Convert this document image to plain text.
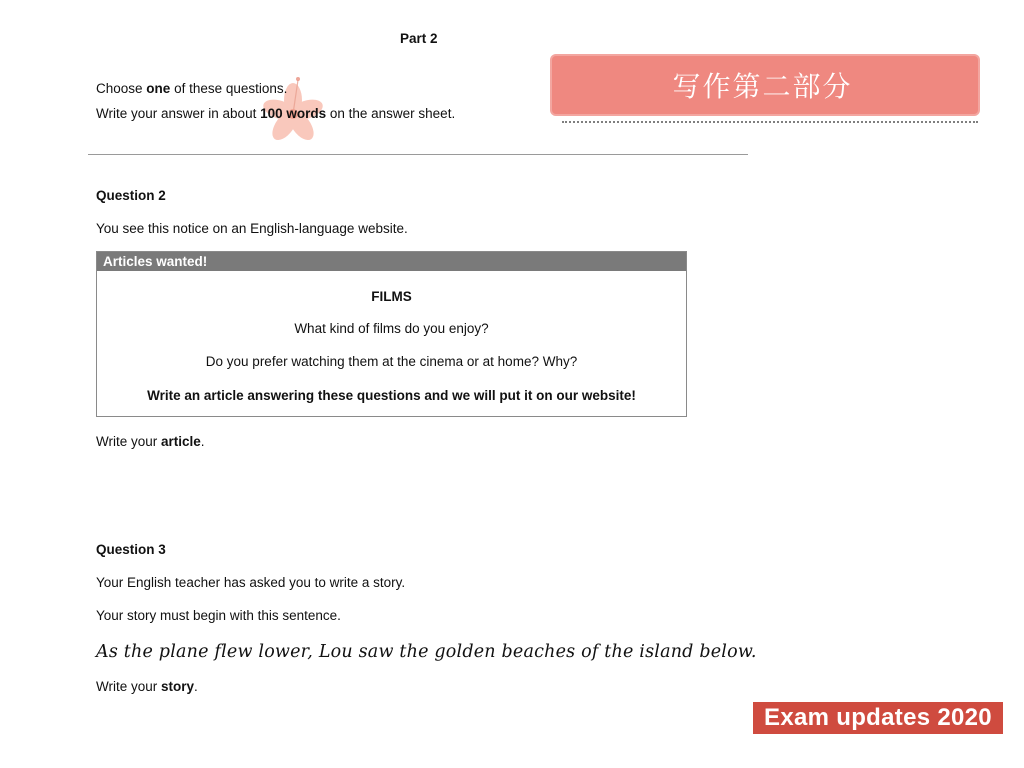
Part 2
Choose one of these questions.
Write your answer in about 100 words on the answer sheet.
写作第二部分
Question 2
You see this notice on an English-language website.
Articles wanted!
FILMS
What kind of films do you enjoy?
Do you prefer watching them at the cinema or at home? Why?
Write an article answering these questions and we will put it on our website!
Write your article.
Question 3
Your English teacher has asked you to write a story.
Your story must begin with this sentence.
As the plane flew lower, Lou saw the golden beaches of the island below.
Write your story.
Exam updates 2020
